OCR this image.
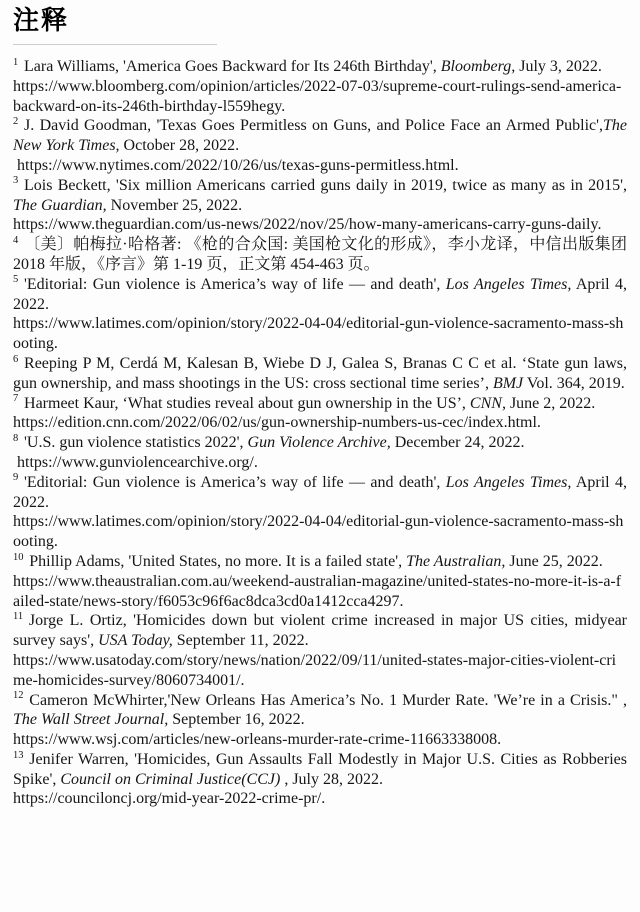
注释

$^1$ Lara Williams, 'America Goes Backward for Its 246th Birthday', Bloomberg, July 3, 2022.
https://www.bloomberg.com/opinion/articles/2022-07-03/supreme-court-rulings-send-america-backward-on-its-246th-birthday-l559hegy.

$^2$ J. David Goodman, 'Texas Goes Permitless on Guns, and Police Face an Armed Public',The New York Times, October 28, 2022.
https://www.nytimes.com/2022/10/26/us/texas-guns-permitless.html.

$^3$ Lois Beckett, 'Six million Americans carried guns daily in 2019, twice as many as in 2015', The Guardian, November 25, 2022.
https://www.theguardian.com/us-news/2022/nov/25/how-many-americans-carry-guns-daily.

$^4$ 〔美〕帕梅拉·哈格著: 《枪的合众国: 美国枪文化的形成》，李小龙译，中信出版集团 2018 年版，《序言》第 1-19 页，正文第 454-463 页。

$^5$ 'Editorial: Gun violence is America’s way of life — and death', Los Angeles Times, April 4, 2022.
https://www.latimes.com/opinion/story/2022-04-04/editorial-gun-violence-sacramento-mass-shooting.

$^6$ Reeping P M, Cerdá M, Kalesan B, Wiebe D J, Galea S, Branas C C et al. ‘State gun laws, gun ownership, and mass shootings in the US: cross sectional time series’, BMJ Vol. 364, 2019.

$^7$ Harmeet Kaur, ‘What studies reveal about gun ownership in the US’, CNN, June 2, 2022.
https://edition.cnn.com/2022/06/02/us/gun-ownership-numbers-us-cec/index.html.

$^8$ 'U.S. gun violence statistics 2022', Gun Violence Archive, December 24, 2022.
https://www.gunviolencearchive.org/.

$^9$ 'Editorial: Gun violence is America’s way of life — and death', Los Angeles Times, April 4, 2022.
https://www.latimes.com/opinion/story/2022-04-04/editorial-gun-violence-sacramento-mass-shooting.

$^{10}$ Phillip Adams, 'United States, no more. It is a failed state', The Australian, June 25, 2022.
https://www.theaustralian.com.au/weekend-australian-magazine/united-states-no-more-it-is-a-failed-state/news-story/f6053c96f6ac8dca3cd0a1412cca4297.

$^{11}$ Jorge L. Ortiz, 'Homicides down but violent crime increased in major US cities, midyear survey says', USA Today, September 11, 2022.
https://www.usatoday.com/story/news/nation/2022/09/11/united-states-major-cities-violent-crime-homicides-survey/8060734001/.

$^{12}$ Cameron McWhirter,'New Orleans Has America’s No. 1 Murder Rate. 'We’re in a Crisis." , The Wall Street Journal, September 16, 2022.
https://www.wsj.com/articles/new-orleans-murder-rate-crime-11663338008.

$^{13}$ Jenifer Warren, 'Homicides, Gun Assaults Fall Modestly in Major U.S. Cities as Robberies Spike', Council on Criminal Justice(CCJ) , July 28, 2022.
https://counciloncj.org/mid-year-2022-crime-pr/.
